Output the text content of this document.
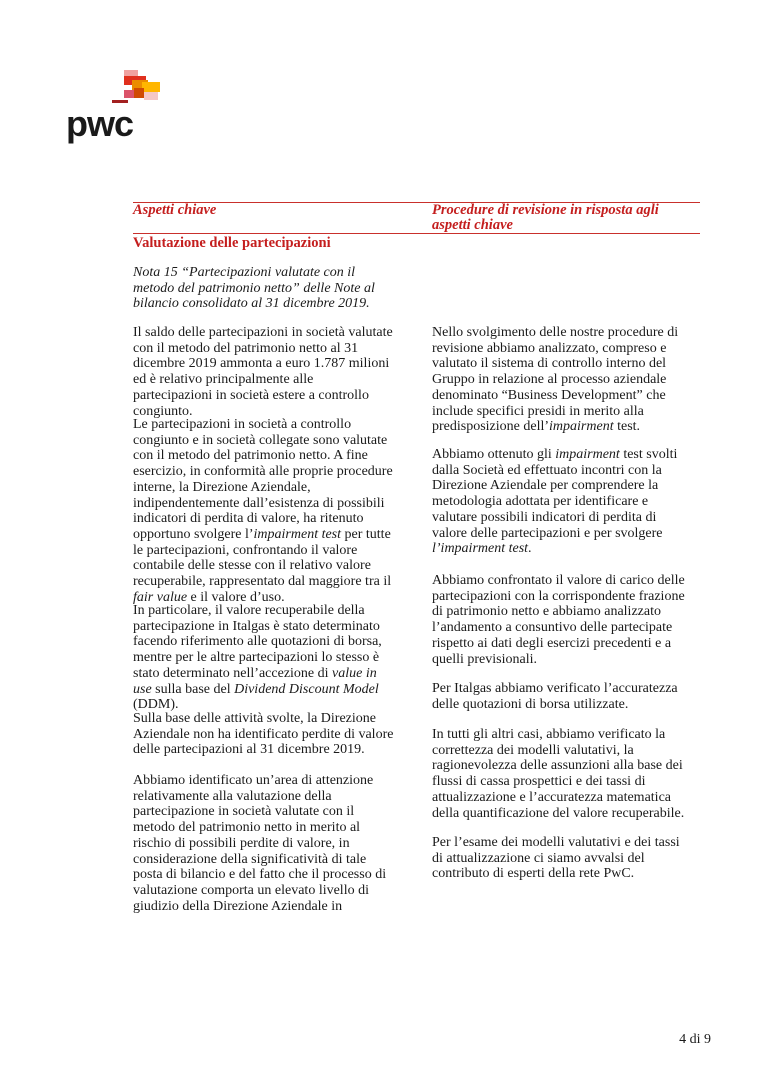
pwc
Aspetti chiave	Procedure di revisione in risposta agli aspetti chiave
Valutazione delle partecipazioni

Nota 15 “Partecipazioni valutate con il metodo del patrimonio netto” delle Note al bilancio consolidato al 31 dicembre 2019.

Il saldo delle partecipazioni in società valutate con il metodo del patrimonio netto al 31 dicembre 2019 ammonta a euro 1.787 milioni ed è relativo principalmente alle partecipazioni in società estere a controllo congiunto.

Le partecipazioni in società a controllo congiunto e in società collegate sono valutate con il metodo del patrimonio netto. A fine esercizio, in conformità alle proprie procedure interne, la Direzione Aziendale, indipendentemente dall’esistenza di possibili indicatori di perdita di valore, ha ritenuto opportuno svolgere l’impairment test per tutte le partecipazioni, confrontando il valore contabile delle stesse con il relativo valore recuperabile, rappresentato dal maggiore tra il fair value e il valore d’uso.

In particolare, il valore recuperabile della partecipazione in Italgas è stato determinato facendo riferimento alle quotazioni di borsa, mentre per le altre partecipazioni lo stesso è stato determinato nell’accezione di value in use sulla base del Dividend Discount Model (DDM).

Sulla base delle attività svolte, la Direzione Aziendale non ha identificato perdite di valore delle partecipazioni al 31 dicembre 2019.

Abbiamo identificato un’area di attenzione relativamente alla valutazione della partecipazione in società valutate con il metodo del patrimonio netto in merito al rischio di possibili perdite di valore, in considerazione della significatività di tale posta di bilancio e del fatto che il processo di valutazione comporta un elevato livello di giudizio della Direzione Aziendale in

Nello svolgimento delle nostre procedure di revisione abbiamo analizzato, compreso e valutato il sistema di controllo interno del Gruppo in relazione al processo aziendale denominato “Business Development” che include specifici presidi in merito alla predisposizione dell’impairment test.

Abbiamo ottenuto gli impairment test svolti dalla Società ed effettuato incontri con la Direzione Aziendale per comprendere la metodologia adottata per identificare e valutare possibili indicatori di perdita di valore delle partecipazioni e per svolgere l’impairment test.

Abbiamo confrontato il valore di carico delle partecipazioni con la corrispondente frazione di patrimonio netto e abbiamo analizzato l’andamento a consuntivo delle partecipate rispetto ai dati degli esercizi precedenti e a quelli previsionali.

Per Italgas abbiamo verificato l’accuratezza delle quotazioni di borsa utilizzate.

In tutti gli altri casi, abbiamo verificato la correttezza dei modelli valutativi, la ragionevolezza delle assunzioni alla base dei flussi di cassa prospettici e dei tassi di attualizzazione e l’accuratezza matematica della quantificazione del valore recuperabile.

Per l’esame dei modelli valutativi e dei tassi di attualizzazione ci siamo avvalsi del contributo di esperti della rete PwC.

4 di 9
